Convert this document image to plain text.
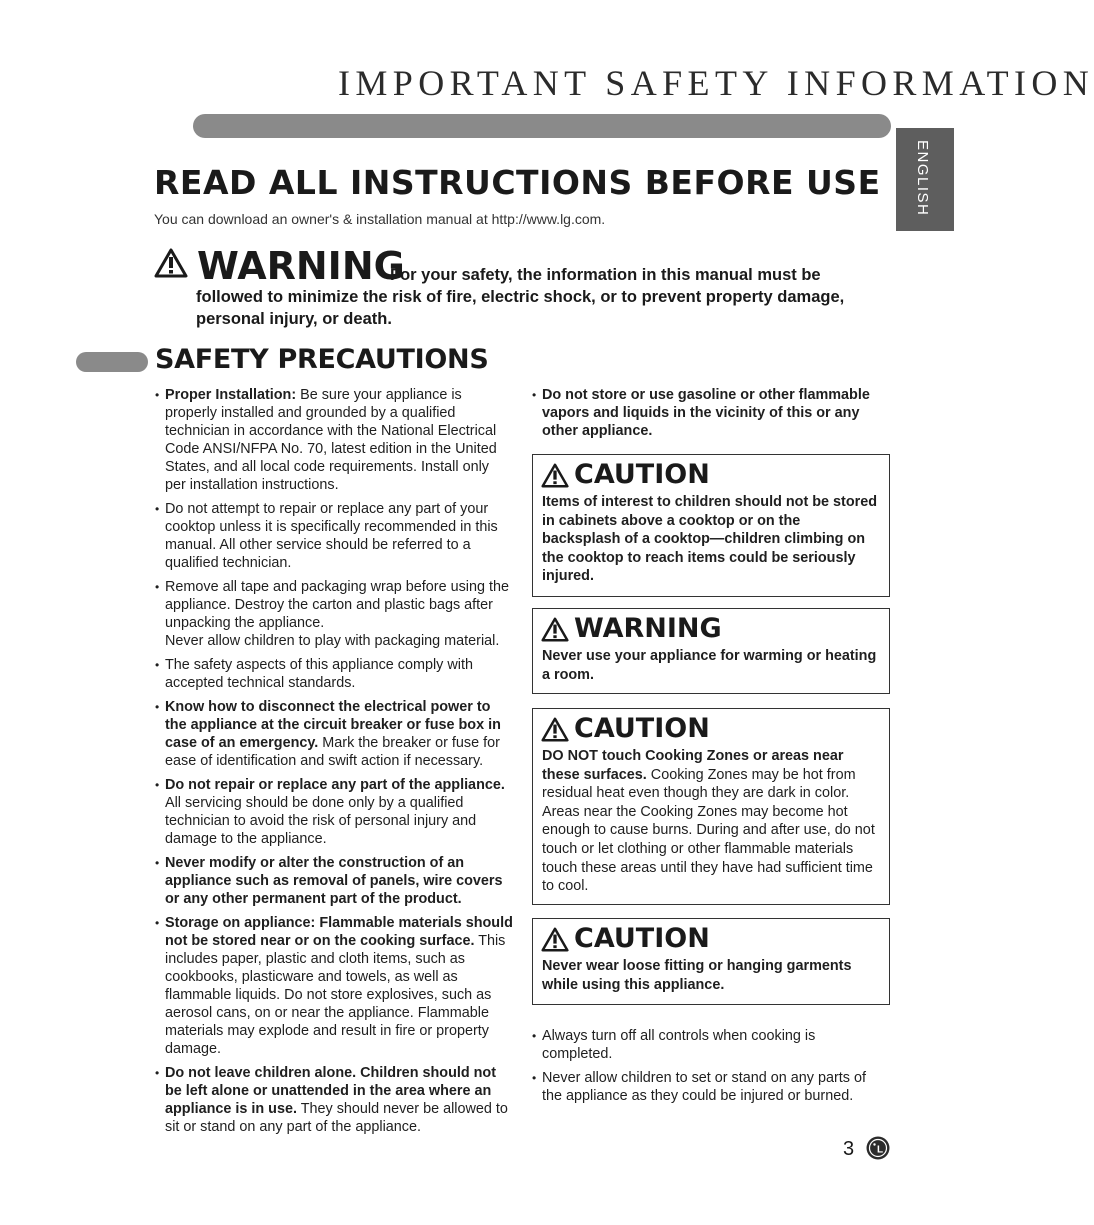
IMPORTANT SAFETY INFORMATION
ENGLISH
READ ALL INSTRUCTIONS BEFORE USE
You can download an owner's & installation manual at http://www.lg.com.
WARNING
For your safety, the information in this manual must be
followed to minimize the risk of fire, electric shock, or to prevent property damage, personal injury, or death.
SAFETY PRECAUTIONS
• Proper Installation: Be sure your appliance is properly installed and grounded by a qualified technician in accordance with the National Electrical Code ANSI/NFPA No. 70, latest edition in the United States, and all local code requirements. Install only per installation instructions.
• Do not attempt to repair or replace any part of your cooktop unless it is specifically recommended in this manual. All other service should be referred to a qualified technician.
• Remove all tape and packaging wrap before using the appliance. Destroy the carton and plastic bags after unpacking the appliance.
Never allow children to play with packaging material.
• The safety aspects of this appliance comply with accepted technical standards.
• Know how to disconnect the electrical power to the appliance at the circuit breaker or fuse box in case of an emergency. Mark the breaker or fuse for ease of identification and swift action if necessary.
• Do not repair or replace any part of the appliance. All servicing should be done only by a qualified technician to avoid the risk of personal injury and damage to the appliance.
• Never modify or alter the construction of an appliance such as removal of panels, wire covers or any other permanent part of the product.
• Storage on appliance: Flammable materials should not be stored near or on the cooking surface. This includes paper, plastic and cloth items, such as cookbooks, plasticware and towels, as well as flammable liquids. Do not store explosives, such as aerosol cans, on or near the appliance. Flammable materials may explode and result in fire or property damage.
• Do not leave children alone. Children should not be left alone or unattended in the area where an appliance is in use. They should never be allowed to sit or stand on any part of the appliance.
• Do not store or use gasoline or other flammable vapors and liquids in the vicinity of this or any other appliance.
CAUTION
Items of interest to children should not be stored in cabinets above a cooktop or on the backsplash of a cooktop—children climbing on the cooktop to reach items could be seriously injured.
WARNING
Never use your appliance for warming or heating a room.
CAUTION
DO NOT touch Cooking Zones or areas near these surfaces. Cooking Zones may be hot from residual heat even though they are dark in color. Areas near the Cooking Zones may become hot enough to cause burns. During and after use, do not touch or let clothing or other flammable materials touch these areas until they have had sufficient time to cool.
CAUTION
Never wear loose fitting or hanging garments while using this appliance.
• Always turn off all controls when cooking is completed.
• Never allow children to set or stand on any parts of the appliance as they could be injured or burned.
3 L
